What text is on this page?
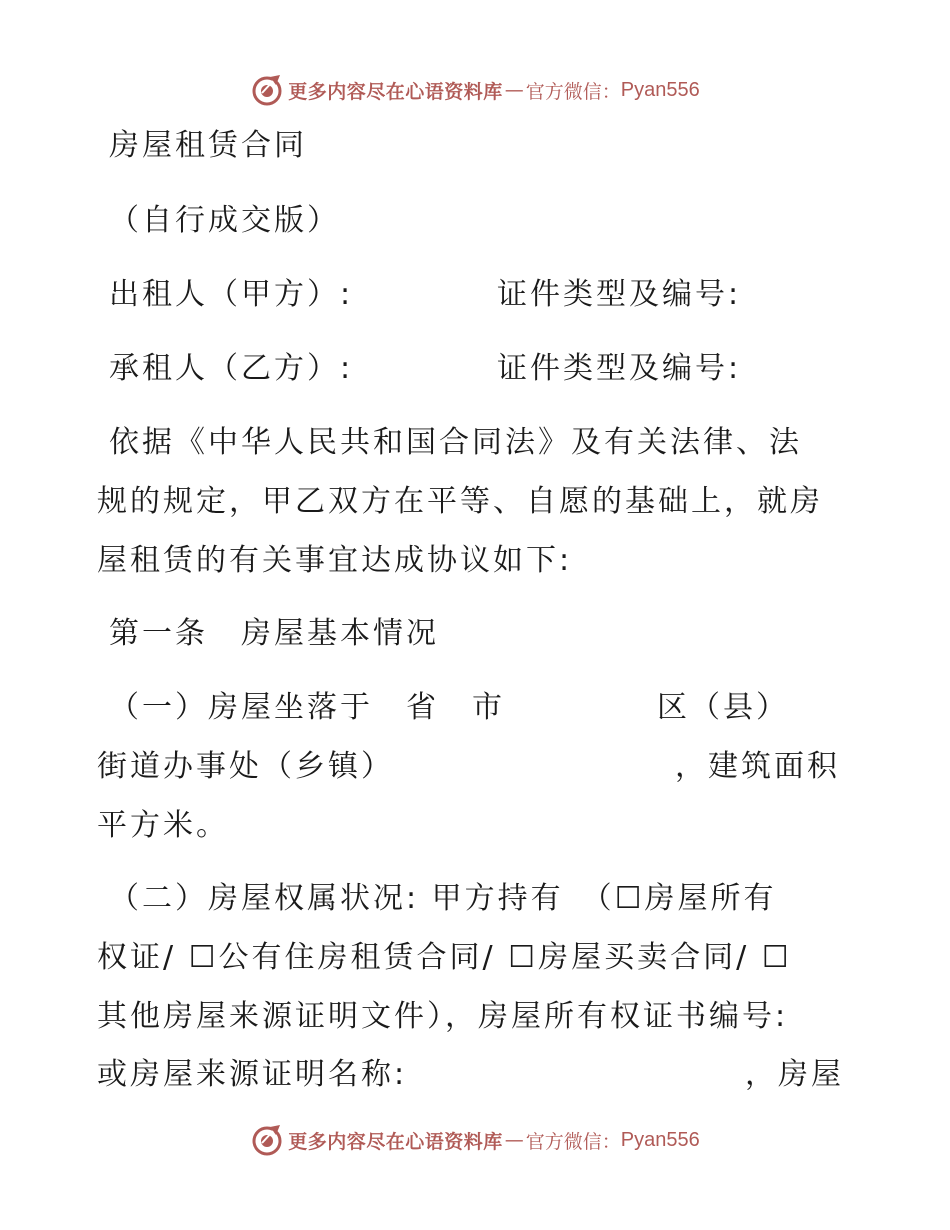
更多内容尽在心语资料库 — 官方微信： Pyan556
房屋租赁合同
（自行成交版）
出租人（甲方）:	证件类型及编号:
承租人（乙方）:	证件类型及编号:
依据《中华人民共和国合同法》及有关法律、法
规的规定，甲乙双方在平等、自愿的基础上，就房
屋租赁的有关事宜达成协议如下:
第一条　房屋基本情况
（一）房屋坐落于　省　市	区（县）
街道办事处（乡镇）	，建筑面积
平方米。
（二）房屋权属状况: 甲方持有　（☐房屋所有
权证/ ☐公有住房租赁合同/ ☐房屋买卖合同/ ☐
其他房屋来源证明文件），房屋所有权证书编号:
或房屋来源证明名称:	，房屋
更多内容尽在心语资料库 — 官方微信： Pyan556
